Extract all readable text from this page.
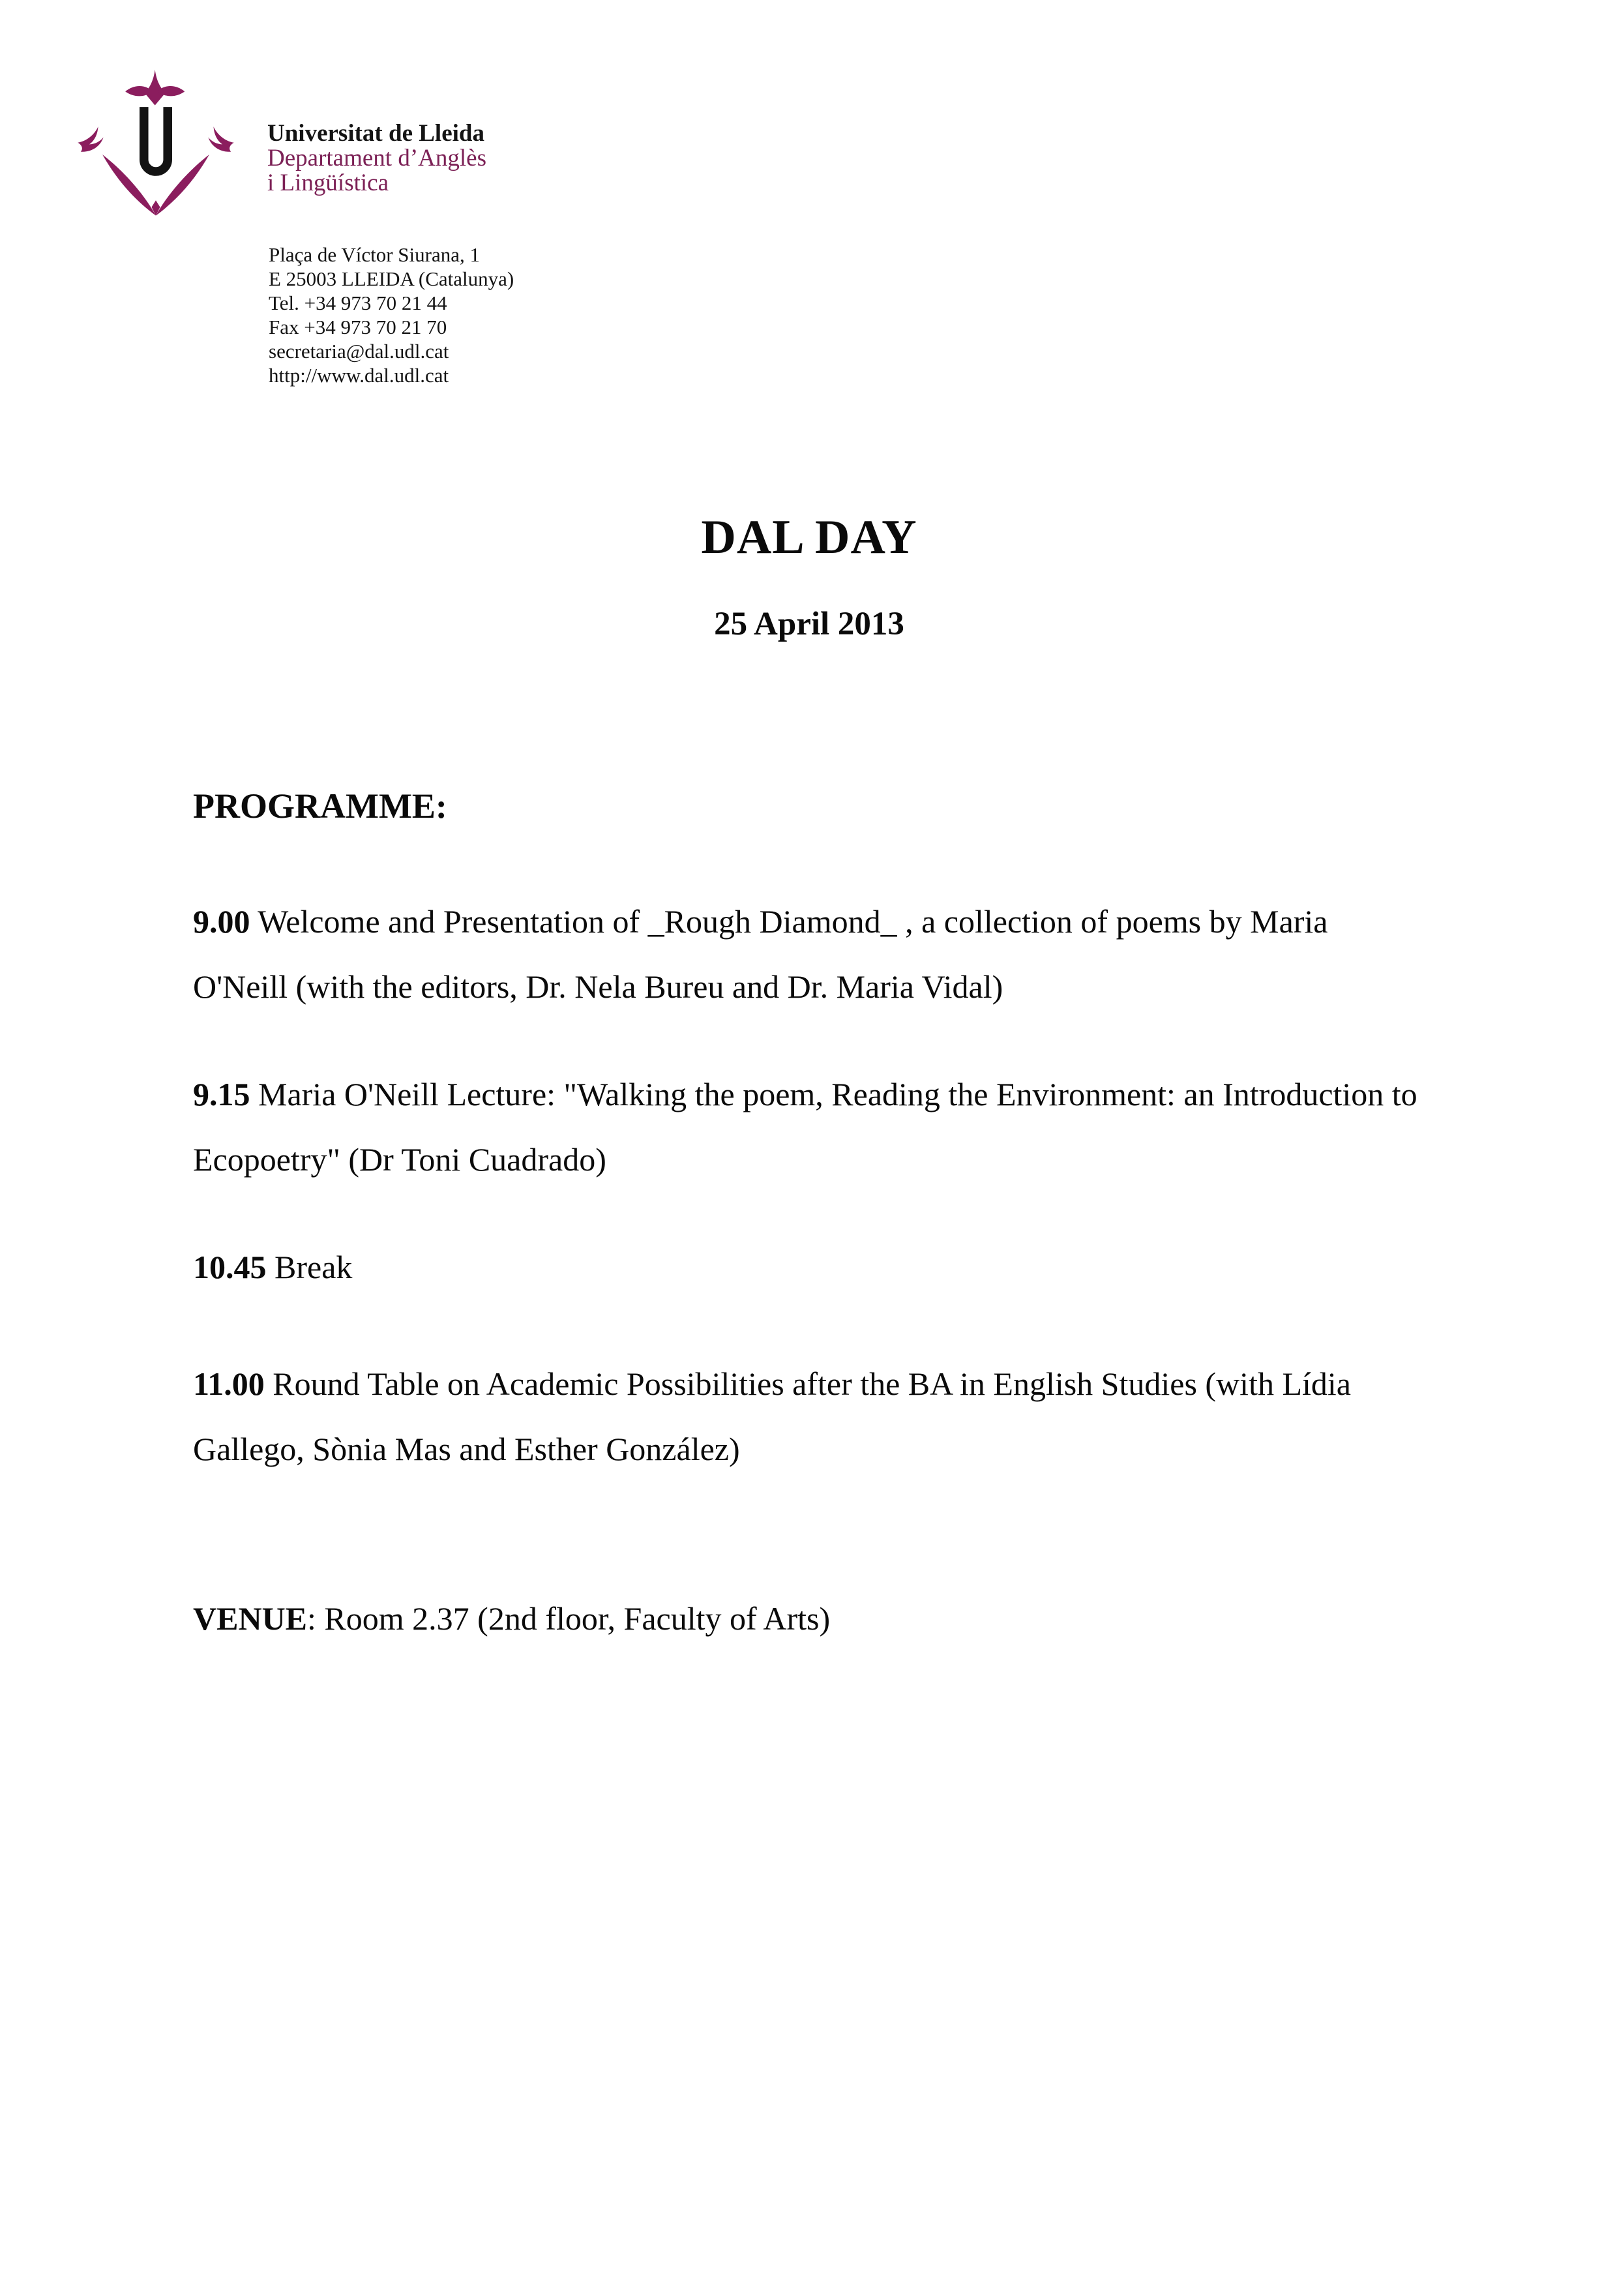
Universitat de Lleida
Departament d’Anglès
i Lingüística
Plaça de Víctor Siurana, 1
E 25003 LLEIDA (Catalunya)
Tel. +34 973 70 21 44
Fax +34 973 70 21 70
secretaria@dal.udl.cat
http://www.dal.udl.cat
DAL DAY
25 April 2013
PROGRAMME:
9.00 Welcome and Presentation of _Rough Diamond_ , a collection of poems by Maria
O'Neill (with the editors, Dr. Nela Bureu and Dr. Maria Vidal)
9.15 Maria O'Neill Lecture: "Walking the poem, Reading the Environment: an Introduction to
Ecopoetry" (Dr Toni Cuadrado)
10.45 Break
11.00 Round Table on Academic Possibilities after the BA in English Studies (with Lídia
Gallego, Sònia Mas and Esther González)
VENUE: Room 2.37 (2nd floor, Faculty of Arts)
